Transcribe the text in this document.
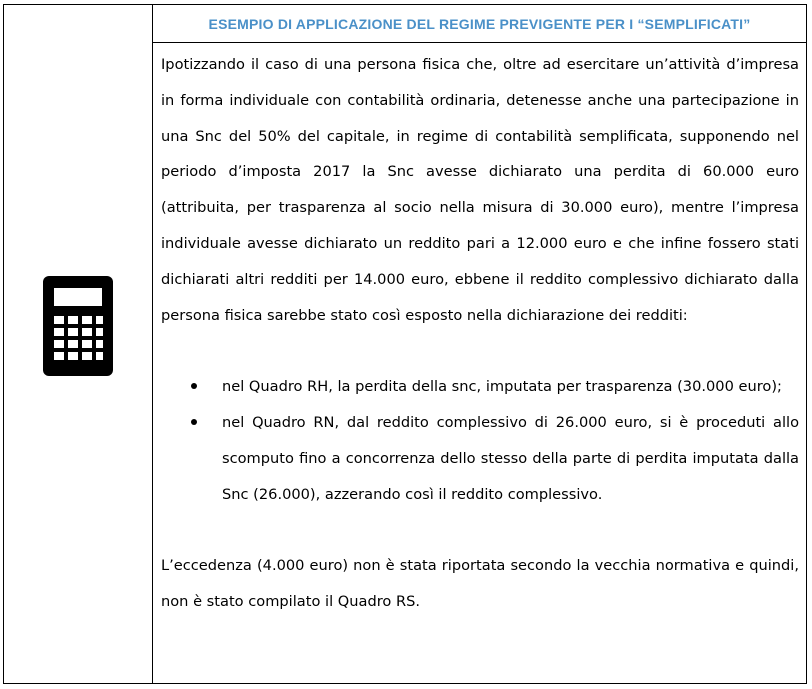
ESEMPIO DI APPLICAZIONE DEL REGIME PREVIGENTE PER I “SEMPLIFICATI”

Ipotizzando il caso di una persona fisica che, oltre ad esercitare un’attività d’impresa in forma individuale con contabilità ordinaria, detenesse anche una partecipazione in una Snc del 50% del capitale, in regime di contabilità semplificata, supponendo nel periodo d’imposta 2017 la Snc avesse dichiarato una perdita di 60.000 euro (attribuita, per trasparenza al socio nella misura di 30.000 euro), mentre l’impresa individuale avesse dichiarato un reddito pari a 12.000 euro e che infine fossero stati dichiarati altri redditi per 14.000 euro, ebbene il reddito complessivo dichiarato dalla persona fisica sarebbe stato così esposto nella dichiarazione dei redditi:

nel Quadro RH, la perdita della snc, imputata per trasparenza (30.000 euro);
nel Quadro RN, dal reddito complessivo di 26.000 euro, si è proceduti allo scomputo fino a concorrenza dello stesso della parte di perdita imputata dalla Snc (26.000), azzerando così il reddito complessivo.

L’eccedenza (4.000 euro) non è stata riportata secondo la vecchia normativa e quindi, non è stato compilato il Quadro RS.
